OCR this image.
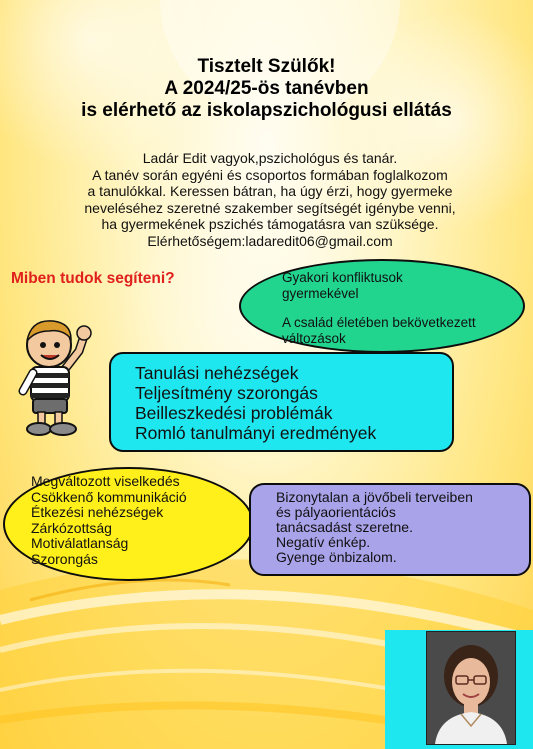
Tisztelt Szülők!
A 2024/25-ös tanévben
is elérhető az iskolapszichológusi ellátás
Ladár Edit vagyok,pszichológus és tanár.
A tanév során egyéni és csoportos formában foglalkozom
a tanulókkal. Keressen bátran, ha úgy érzi, hogy gyermeke
neveléséhez szeretné szakember segítségét igénybe venni,
ha gyermekének pszichés támogatásra van szüksége.
Elérhetőségem:ladaredit06@gmail.com
Miben tudok segíteni?	Gyakori konfliktusok
gyermekével
A család életében bekövetkezett
változások
Tanulási nehézségek
Teljesítmény szorongás
Beilleszkedési problémák
Romló tanulmányi eredmények
Megváltozott viselkedés
Csökkenő kommunikáció
Étkezési nehézségek
Zárkózottság
Motiválatlanság
Szorongás
Bizonytalan a jövőbeli terveiben
és pályaorientációs
tanácsadást szeretne.
Negatív énkép.
Gyenge önbizalom.
